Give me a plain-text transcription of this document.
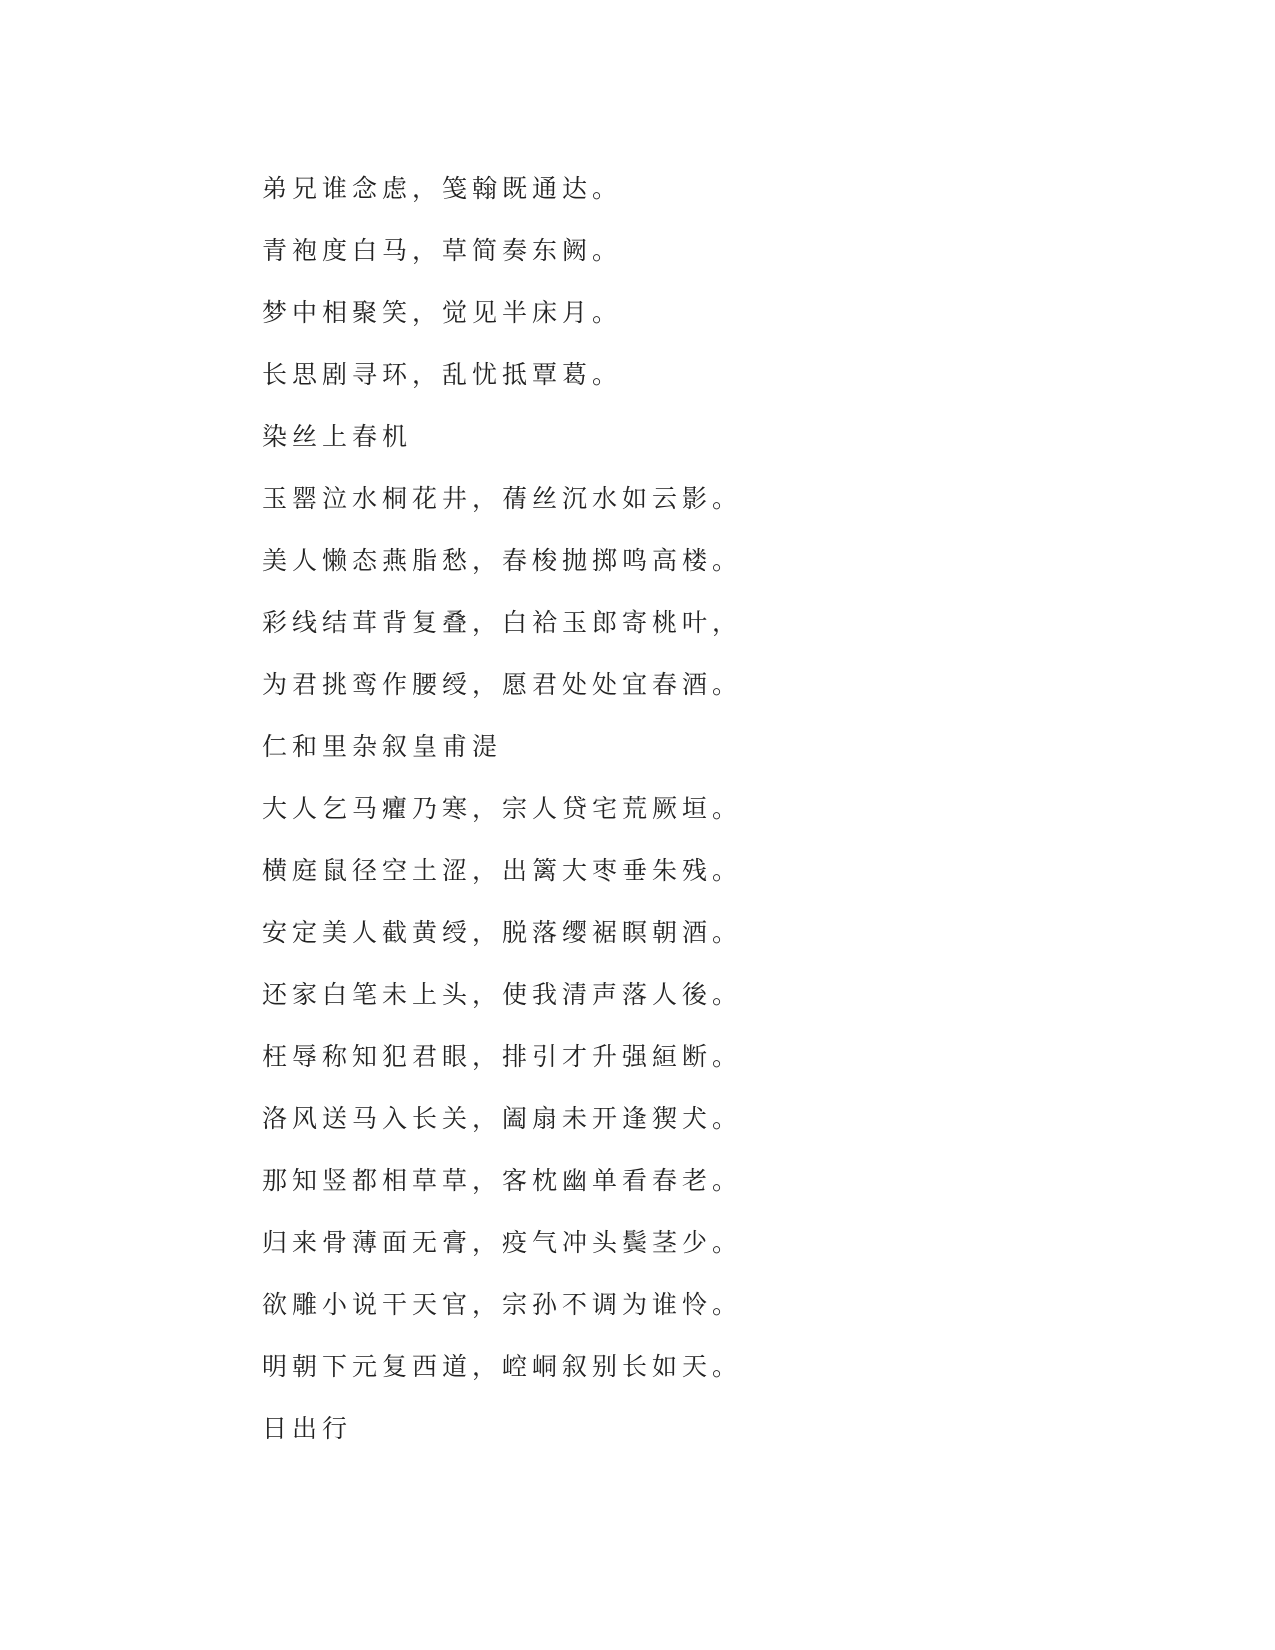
弟兄谁念虑，笺翰既通达。
青袍度白马，草简奏东阙。
梦中相聚笑，觉见半床月。
长思剧寻环，乱忧抵覃葛。
染丝上春机
玉罂泣水桐花井，蒨丝沉水如云影。
美人懒态燕脂愁，春梭抛掷鸣高楼。
彩线结茸背复叠，白袷玉郎寄桃叶，
为君挑鸾作腰绶，愿君处处宜春酒。
仁和里杂叙皇甫湜
大人乞马癯乃寒，宗人贷宅荒厥垣。
横庭鼠径空土涩，出篱大枣垂朱残。
安定美人截黄绶，脱落缨裾瞑朝酒。
还家白笔未上头，使我清声落人後。
枉辱称知犯君眼，排引才升强絙断。
洛风送马入长关，阖扇未开逢猰犬。
那知竖都相草草，客枕幽单看春老。
归来骨薄面无膏，疫气冲头鬓茎少。
欲雕小说干天官，宗孙不调为谁怜。
明朝下元复西道，崆峒叙别长如天。
日出行
